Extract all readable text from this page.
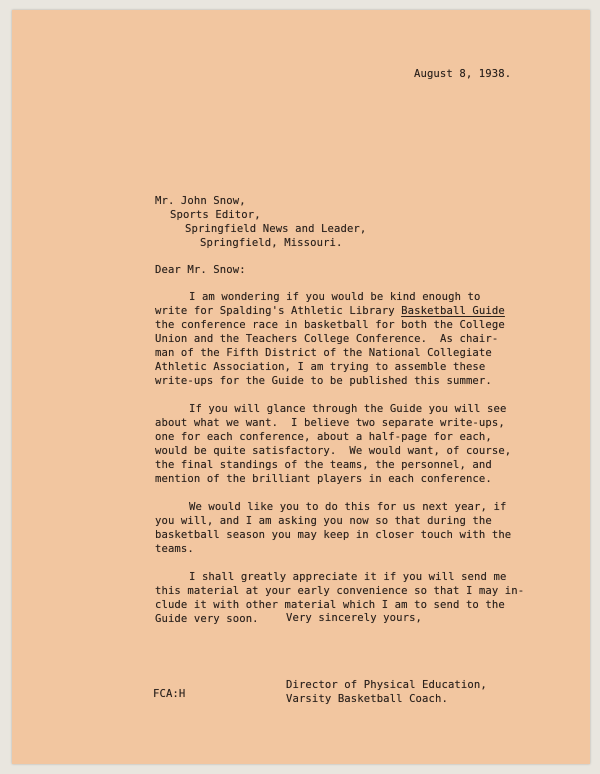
August 8, 1938.
Mr. John Snow,
Sports Editor,
Springfield News and Leader,
Springfield, Missouri.
Dear Mr. Snow:
I am wondering if you would be kind enough to
write for Spalding's Athletic Library Basketball Guide
the conference race in basketball for both the College
Union and the Teachers College Conference.  As chair-
man of the Fifth District of the National Collegiate
Athletic Association, I am trying to assemble these
write-ups for the Guide to be published this summer.
If you will glance through the Guide you will see
about what we want.  I believe two separate write-ups,
one for each conference, about a half-page for each,
would be quite satisfactory.  We would want, of course,
the final standings of the teams, the personnel, and
mention of the brilliant players in each conference.
We would like you to do this for us next year, if
you will, and I am asking you now so that during the
basketball season you may keep in closer touch with the
teams.
I shall greatly appreciate it if you will send me
this material at your early convenience so that I may in-
clude it with other material which I am to send to the
Guide very soon.	Very sincerely yours,
Director of Physical Education,
Varsity Basketball Coach.
FCA:H
